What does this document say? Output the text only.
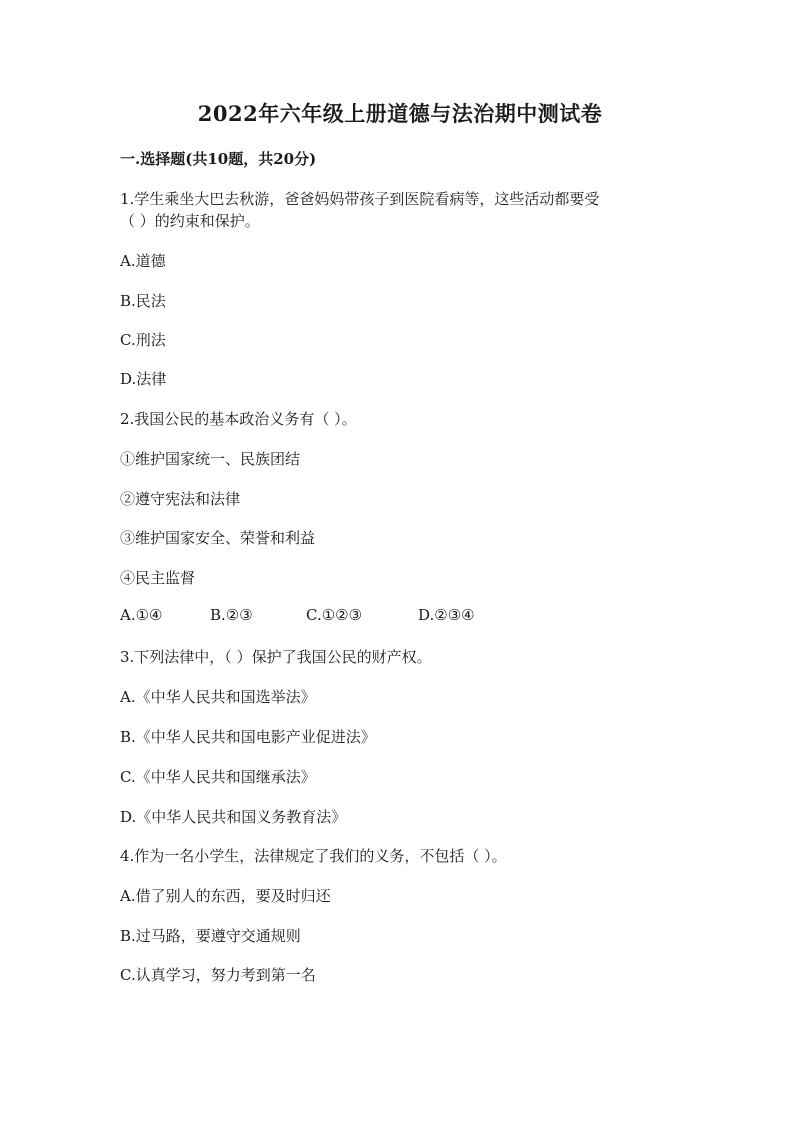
2022年六年级上册道德与法治期中测试卷
一.选择题(共10题，共20分)
1.学生乘坐大巴去秋游，爸爸妈妈带孩子到医院看病等，这些活动都要受
（ ）的约束和保护。
A.道德
B.民法
C.刑法
D.法律
2.我国公民的基本政治义务有（ ）。
①维护国家统一、民族团结
②遵守宪法和法律
③维护国家安全、荣誉和利益
④民主监督
A.①④	B.②③	C.①②③	D.②③④
3.下列法律中，（ ）保护了我国公民的财产权。
A.《中华人民共和国选举法》
B.《中华人民共和国电影产业促进法》
C.《中华人民共和国继承法》
D.《中华人民共和国义务教育法》
4.作为一名小学生，法律规定了我们的义务，不包括（ ）。
A.借了别人的东西，要及时归还
B.过马路，要遵守交通规则
C.认真学习，努力考到第一名
